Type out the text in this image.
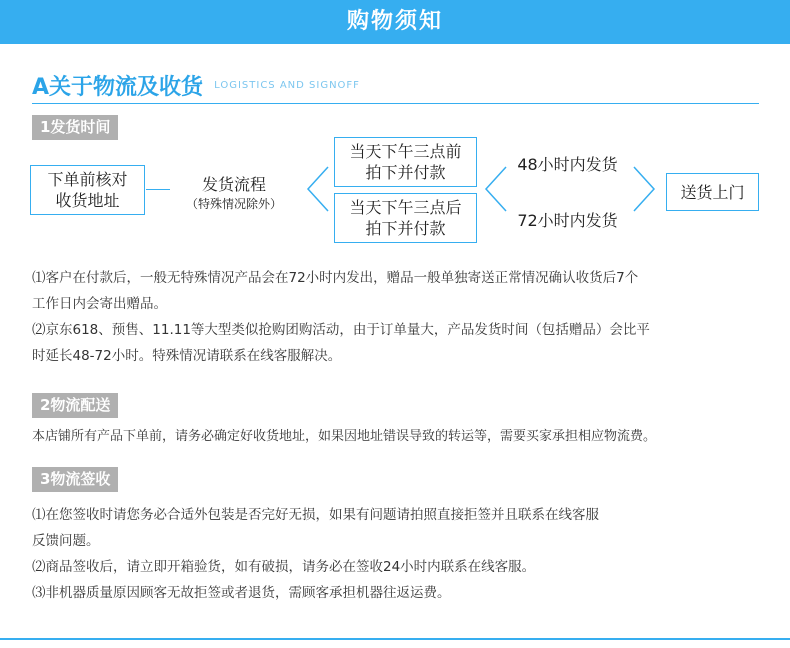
购物须知
A关于物流及收货 LOGISTICS AND SIGNOFF
1发货时间
下单前核对
收货地址
发货流程
（特殊情况除外）
当天下午三点前
拍下并付款
当天下午三点后
拍下并付款
48小时内发货
72小时内发货
送货上门
⑴客户在付款后，一般无特殊情况产品会在72小时内发出，赠品一般单独寄送正常情况确认收货后7个
工作日内会寄出赠品。
⑵京东618、预售、11.11等大型类似抢购团购活动，由于订单量大，产品发货时间（包括赠品）会比平
时延长48-72小时。特殊情况请联系在线客服解决。
2物流配送
本店铺所有产品下单前，请务必确定好收货地址，如果因地址错误导致的转运等，需要买家承担相应物流费。
3物流签收
⑴在您签收时请您务必合适外包装是否完好无损，如果有问题请拍照直接拒签并且联系在线客服
反馈问题。
⑵商品签收后，请立即开箱验货，如有破损，请务必在签收24小时内联系在线客服。
⑶非机器质量原因顾客无故拒签或者退货，需顾客承担机器往返运费。
